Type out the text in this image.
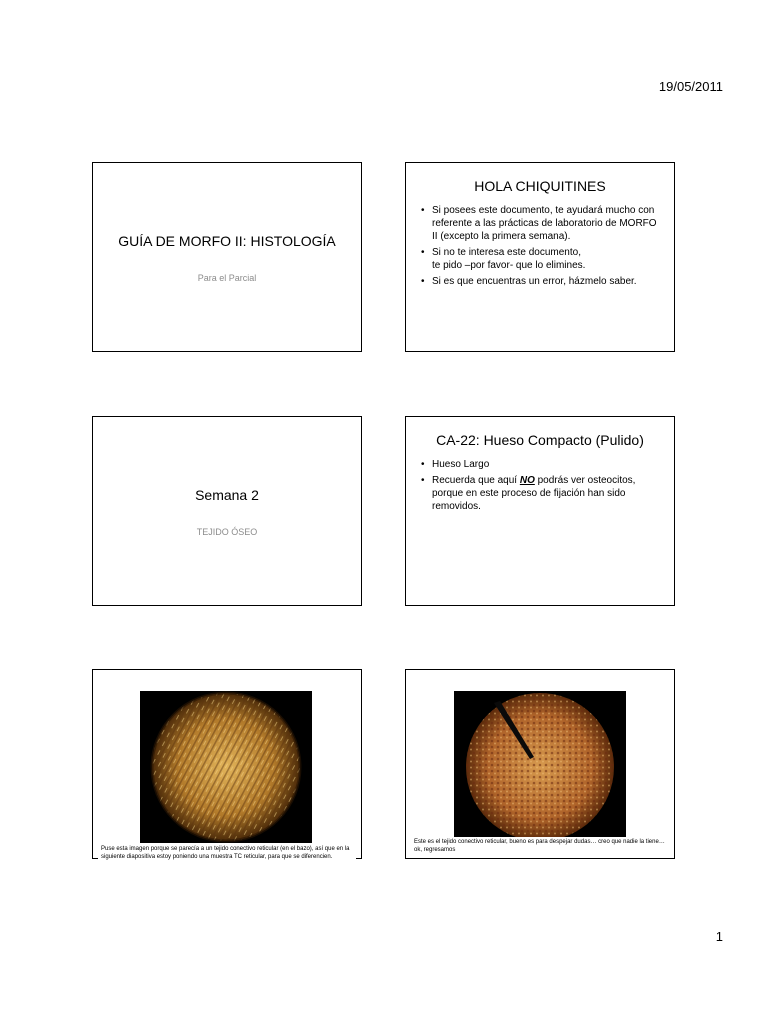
19/05/2011
GUÍA DE MORFO II: HISTOLOGÍA
Para el Parcial
HOLA CHIQUITINES
• Si posees este documento, te ayudará mucho con referente a las prácticas de laboratorio de MORFO II (excepto la primera semana).
• Si no te interesa este documento,
te pido –por favor- que lo elimines.
• Si es que encuentras un error, házmelo saber.
Semana 2
TEJIDO ÓSEO
CA-22: Hueso Compacto (Pulido)
• Hueso Largo
• Recuerda que aquí NO podrás ver osteocitos, porque en este proceso de fijación han sido removidos.
Puse esta imagen porque se parecía a un tejido conectivo reticular (en el bazo), así que en la siguiente diapositiva estoy poniendo una muestra TC reticular, para que se diferencien.
Este es el tejido conectivo reticular, bueno es para despejar dudas… creo que nadie la tiene… ok, regresamos
1
